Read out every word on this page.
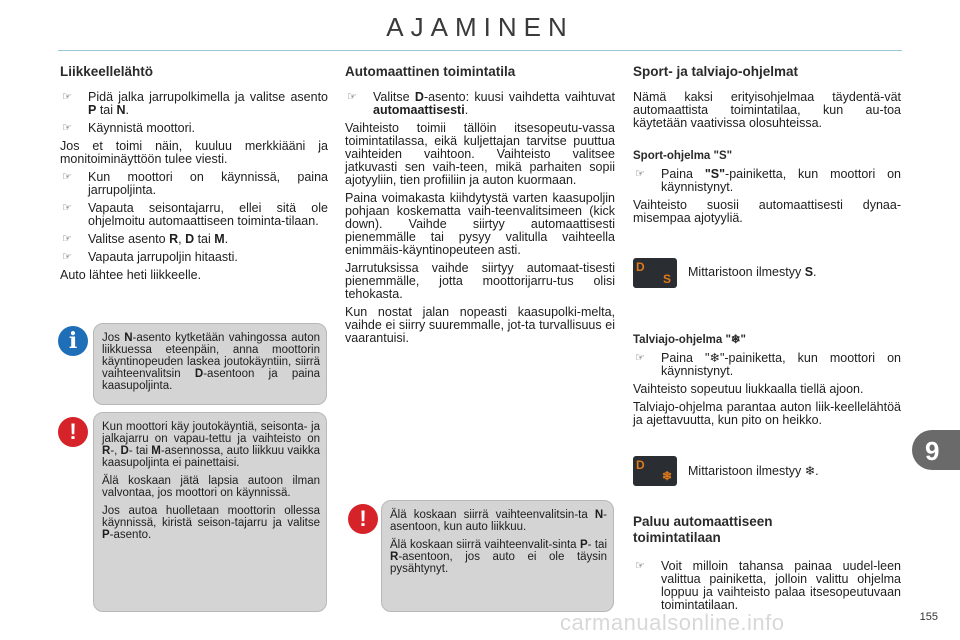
AJAMINEN
Liikkeellelähtö
☞ Pidä jalka jarrupolkimella ja valitse asento P tai N.
☞ Käynnistä moottori.

Jos et toimi näin, kuuluu merkkiääni ja monitoiminäyttöön tulee viesti.

☞ Kun moottori on käynnissä, paina jarrupoljinta.
☞ Vapauta seisontajarru, ellei sitä ole ohjelmoitu automaattiseen toiminta-tilaan.
☞ Valitse asento R, D tai M.
☞ Vapauta jarrupoljin hitaasti.

Auto lähtee heti liikkeelle.

i	Jos N-asento kytketään vahingossa auton liikkuessa eteenpäin, anna moottorin käyntinopeuden laskea joutokäyntiin, siirrä vaihteenvalitsin D-asentoon ja paina kaasupoljinta.

!	Kun moottori käy joutokäyntiä, seisonta- ja jalkajarru on vapau-tettu ja vaihteisto on R-, D- tai M-asennossa, auto liikkuu vaikka kaasupoljinta ei painettaisi.

Älä koskaan jätä lapsia autoon ilman valvontaa, jos moottori on käynnissä.

Jos autoa huolletaan moottorin ollessa käynnissä, kiristä seison-tajarru ja valitse P-asento.

Automaattinen toimintatila
☞ Valitse D-asento: kuusi vaihdetta vaihtuvat automaattisesti.

Vaihteisto toimii tällöin itsesopeutu-vassa toimintatilassa, eikä kuljettajan tarvitse puuttua vaihteiden vaihtoon. Vaihteisto valitsee jatkuvasti sen vaih-teen, mikä parhaiten sopii ajotyyliin, tien profiiliin ja auton kuormaan.

Paina voimakasta kiihdytystä varten kaasupoljin pohjaan koskematta vaih-teenvalitsimeen (kick down). Vaihde siirtyy automaattisesti pienemmälle tai pysyy valitulla vaihteella enimmäis-käyntinopeuteen asti.

Jarrutuksissa vaihde siirtyy automaat-tisesti pienemmälle, jotta moottorijarru-tus olisi tehokasta.

Kun nostat jalan nopeasti kaasupolki-melta, vaihde ei siirry suuremmalle, jot-ta turvallisuus ei vaarantuisi.

!	Älä koskaan siirrä vaihteenvalitsin-ta N-asentoon, kun auto liikkuu.

Älä koskaan siirrä vaihteenvalit-sinta P- tai R-asentoon, jos auto ei ole täysin pysähtynyt.

Sport- ja talviajo-ohjelmat

Nämä kaksi erityisohjelmaa täydentä-vät automaattista toimintatilaa, kun au-toa käytetään vaativissa olosuhteissa.

Sport-ohjelma "S"
☞ Paina "S"-painiketta, kun moottori on käynnistynyt.

Vaihteisto suosii automaattisesti dynaa-misempaa ajotyyliä.

D
S Mittaristoon ilmestyy S.
Talviajo-ohjelma "❄"
☞ Paina "❄"-painiketta, kun moottori on käynnistynyt.

Vaihteisto sopeutuu liukkaalla tiellä ajoon.

Talviajo-ohjelma parantaa auton liik-keellelähtöä ja ajettavuutta, kun pito on heikko.

D
❄ Mittaristoon ilmestyy ❄.
Paluu automaattiseen
toimintatilaan
☞ Voit milloin tahansa painaa uudel-leen valittua painiketta, jolloin valittu ohjelma loppuu ja vaihteisto palaa itsesopeutuvaan toimintatilaan.
9
carmanualsonline.info	155
